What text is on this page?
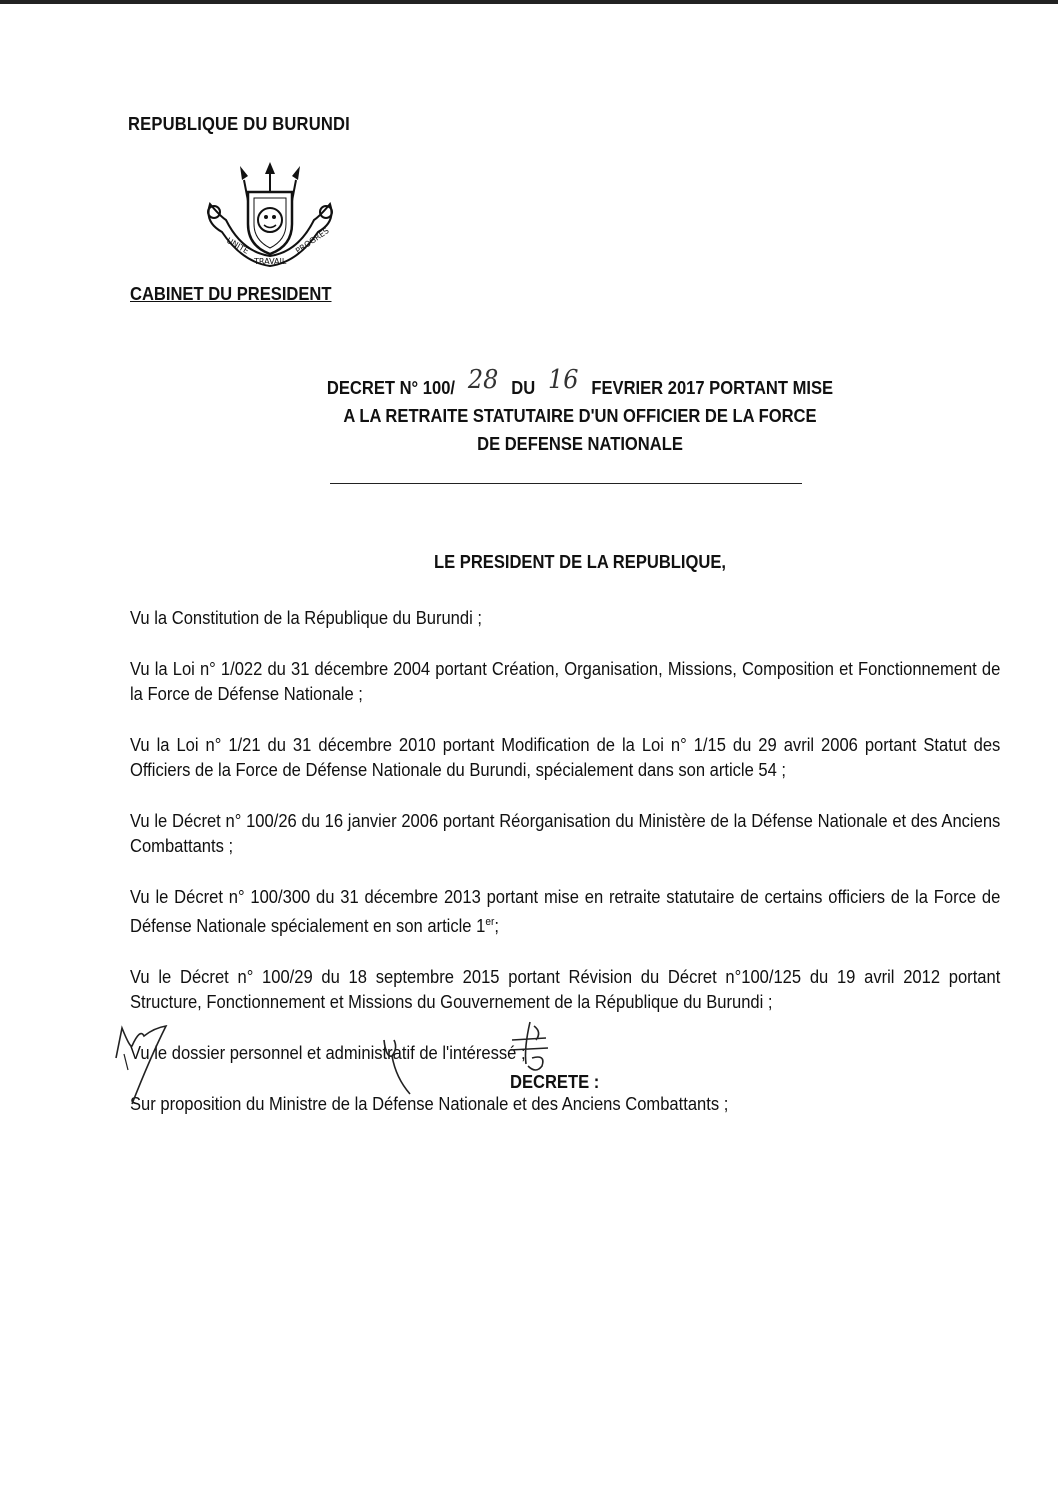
REPUBLIQUE DU BURUNDI
UNITE
TRAVAIL
PROGRES
CABINET DU PRESIDENT
DECRET N° 100/ 28 DU 16 FEVRIER 2017 PORTANT MISE
A LA RETRAITE STATUTAIRE D'UN OFFICIER DE LA FORCE
DE DEFENSE NATIONALE
LE PRESIDENT DE LA REPUBLIQUE,

Vu la Constitution de la République du Burundi ;

Vu la Loi n° 1/022 du 31 décembre 2004 portant Création, Organisation, Missions, Composition et Fonctionnement de la Force de Défense Nationale ;

Vu la Loi n° 1/21 du 31 décembre 2010 portant Modification de la Loi n° 1/15 du 29 avril 2006 portant Statut des Officiers de la Force de Défense Nationale du Burundi, spécialement dans son article 54 ;

Vu le Décret n° 100/26 du 16 janvier 2006 portant Réorganisation du Ministère de la Défense Nationale et des Anciens Combattants ;

Vu le Décret n° 100/300 du 31 décembre 2013 portant mise en retraite statutaire de certains officiers de la Force de Défense Nationale spécialement en son article 1er;

Vu le Décret n° 100/29 du 18 septembre 2015 portant Révision du Décret n°100/125 du 19 avril 2012 portant Structure, Fonctionnement et Missions du Gouvernement de la République du Burundi ;

Vu le dossier personnel et administratif de l'intéressé ;

Sur proposition du Ministre de la Défense Nationale et des Anciens Combattants ;

DECRETE :
